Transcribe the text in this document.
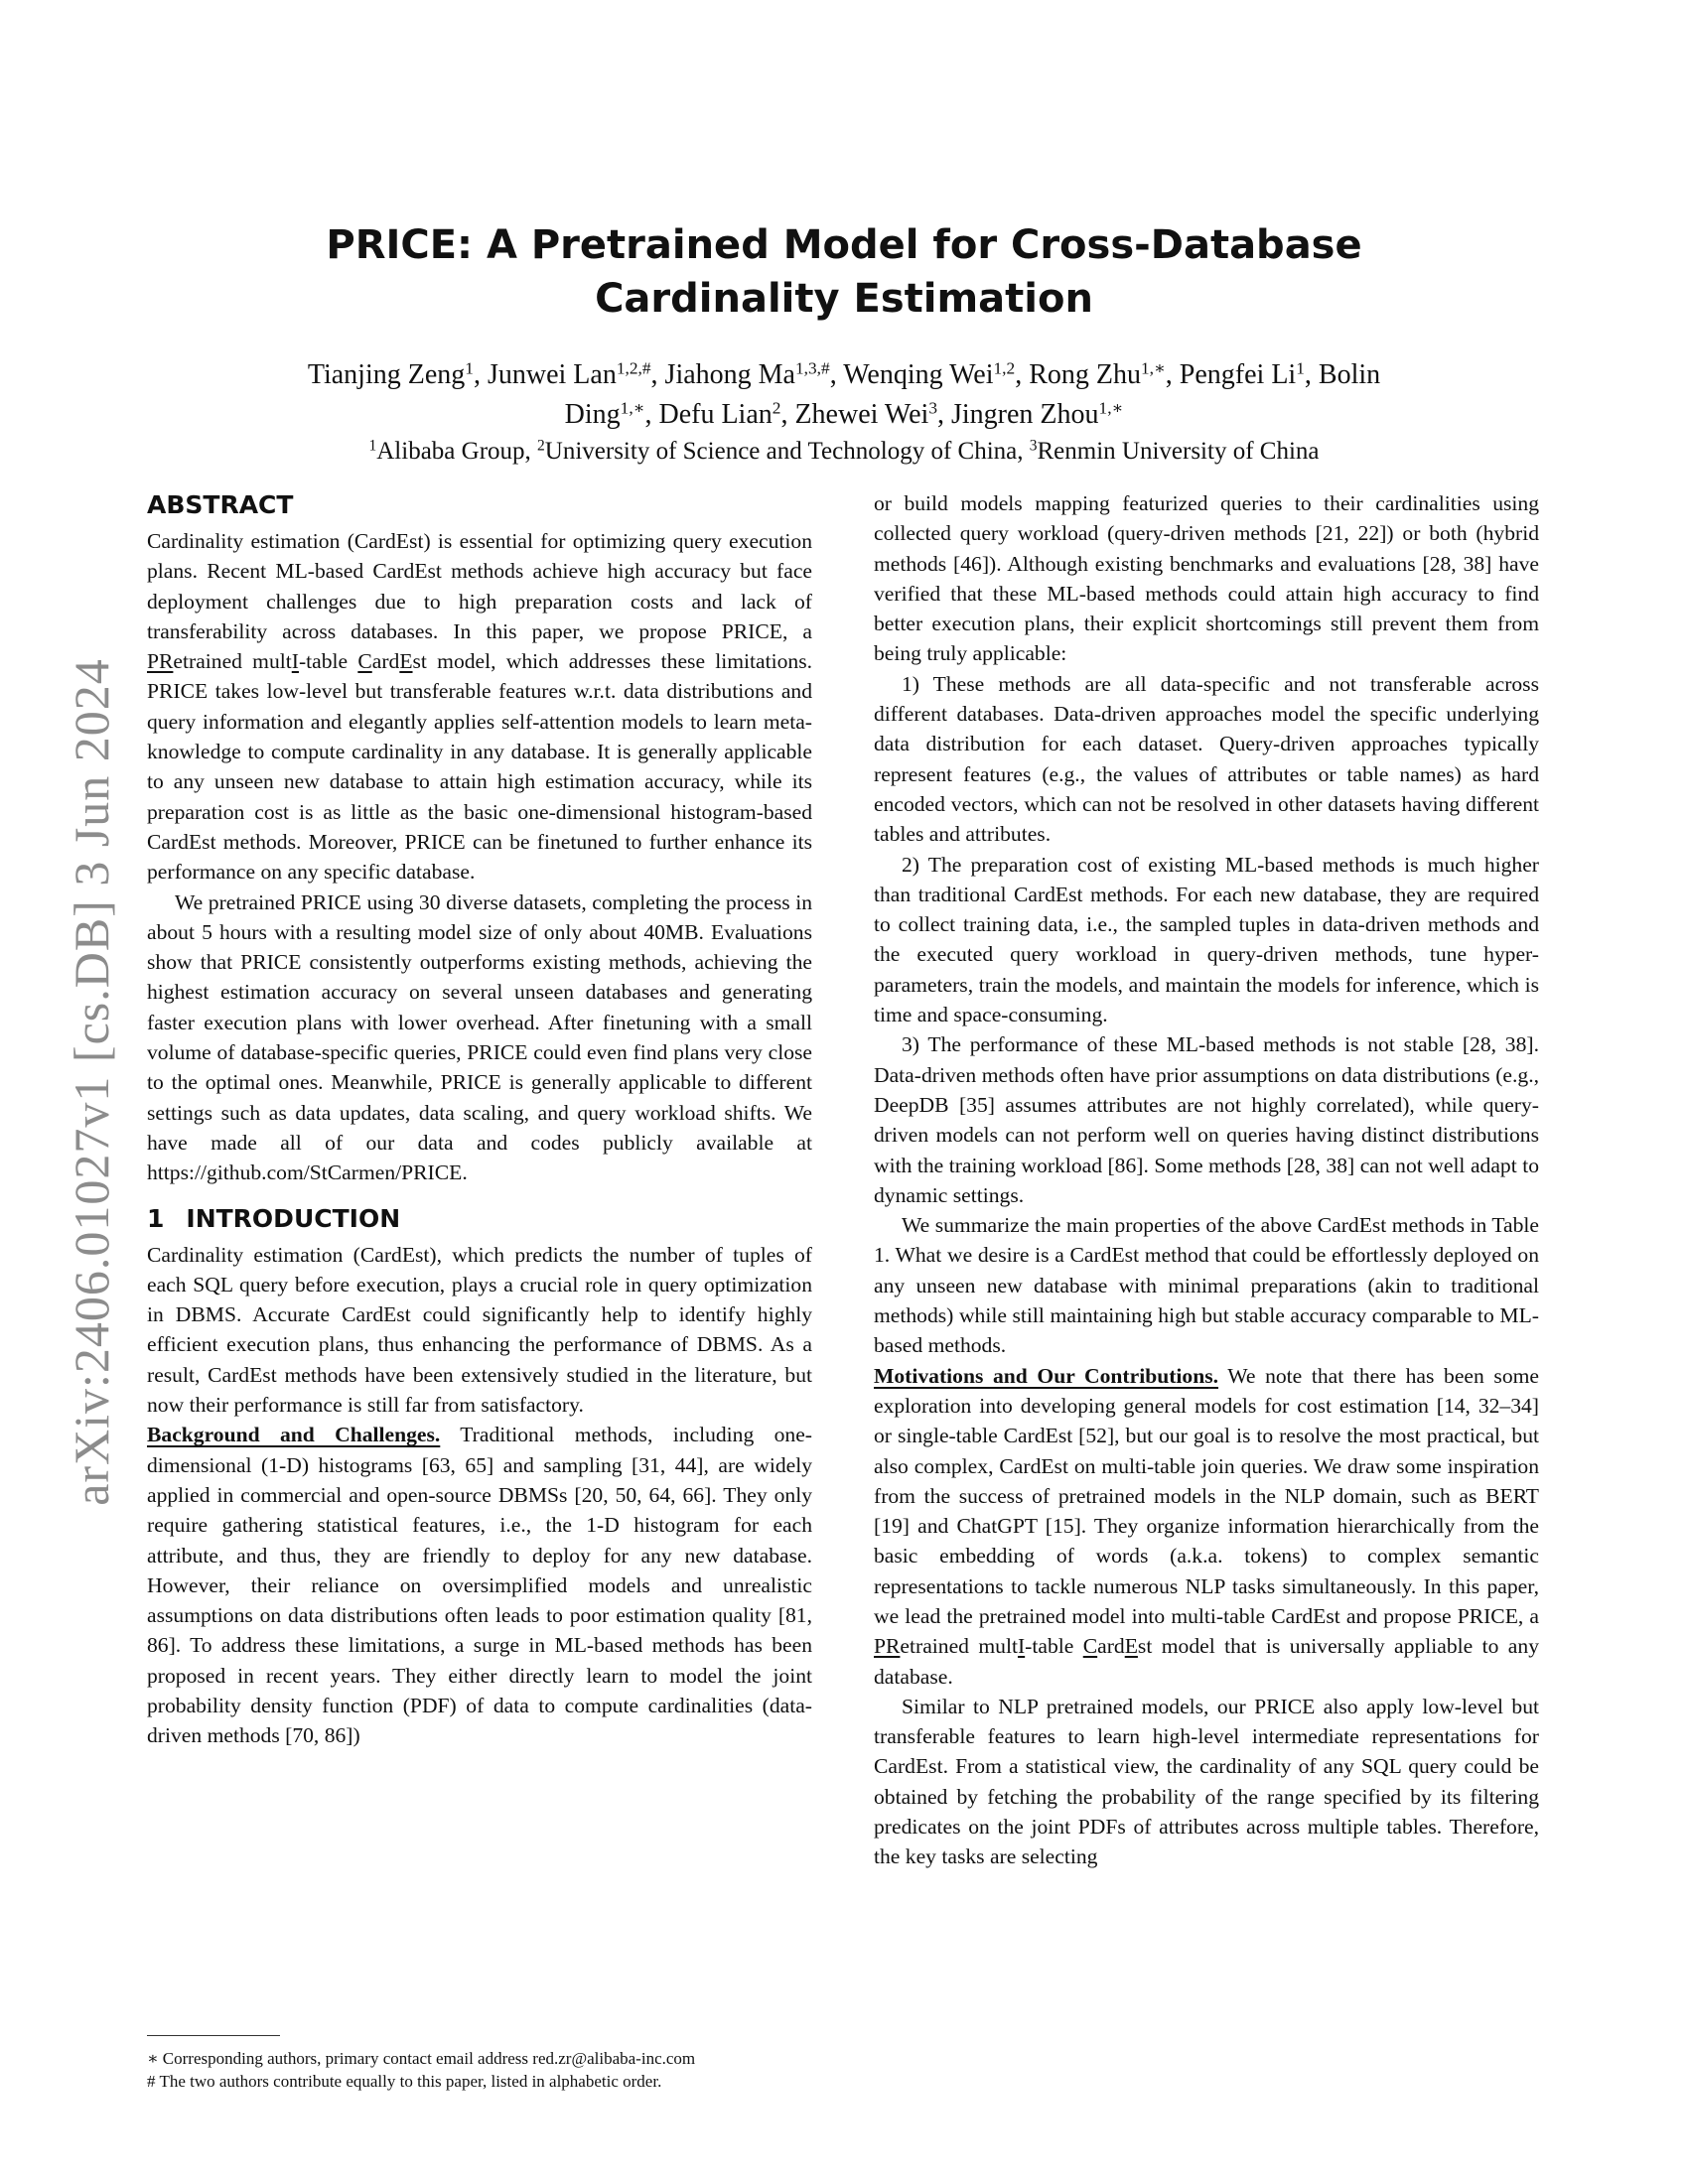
arXiv:2406.01027v1 [cs.DB] 3 Jun 2024
PRICE: A Pretrained Model for Cross-Database
Cardinality Estimation
Tianjing Zeng$^1$, Junwei Lan$^{1,2,\#}$, Jiahong $Ma^{1,3,\#}$, Wenqing Wei$^{1,2}$, Rong Zhu$^{1,∗}$, Pengfei Li$^1$, Bolin
Ding$^{1,∗}$, Defu Lian$^2$, Zhewei Wei$^3$, Jingren Zhou$^{1,∗}$
$^1$Alibaba Group, $^2$University of Science and Technology of China, $^3$Renmin University of China
ABSTRACT

Cardinality estimation (CardEst) is essential for optimizing query execution plans. Recent ML-based CardEst methods achieve high accuracy but face deployment challenges due to high preparation costs and lack of transferability across databases. In this paper, we propose PRICE, a PRetrained multI-table CardEst model, which addresses these limitations. PRICE takes low-level but transferable features w.r.t. data distributions and query information and elegantly applies self-attention models to learn meta-knowledge to compute cardinality in any database. It is generally applicable to any unseen new database to attain high estimation accuracy, while its preparation cost is as little as the basic one-dimensional histogram-based CardEst methods. Moreover, PRICE can be finetuned to further enhance its performance on any specific database.

We pretrained PRICE using 30 diverse datasets, completing the process in about 5 hours with a resulting model size of only about 40MB. Evaluations show that PRICE consistently outperforms existing methods, achieving the highest estimation accuracy on several unseen databases and generating faster execution plans with lower overhead. After finetuning with a small volume of database-specific queries, PRICE could even find plans very close to the optimal ones. Meanwhile, PRICE is generally applicable to different settings such as data updates, data scaling, and query workload shifts. We have made all of our data and codes publicly available at https://github.com/StCarmen/PRICE.

1 INTRODUCTION

Cardinality estimation (CardEst), which predicts the number of tuples of each SQL query before execution, plays a crucial role in query optimization in DBMS. Accurate CardEst could significantly help to identify highly efficient execution plans, thus enhancing the performance of DBMS. As a result, CardEst methods have been extensively studied in the literature, but now their performance is still far from satisfactory.

Background and Challenges. Traditional methods, including one-dimensional (1-D) histograms [63, 65] and sampling [31, 44], are widely applied in commercial and open-source DBMSs [20, 50, 64, 66]. They only require gathering statistical features, i.e., the 1-D histogram for each attribute, and thus, they are friendly to deploy for any new database. However, their reliance on oversimplified models and unrealistic assumptions on data distributions often leads to poor estimation quality [81, 86]. To address these limitations, a surge in ML-based methods has been proposed in recent years. They either directly learn to model the joint probability density function (PDF) of data to compute cardinalities (data-driven methods [70, 86])

or build models mapping featurized queries to their cardinalities using collected query workload (query-driven methods [21, 22]) or both (hybrid methods [46]). Although existing benchmarks and evaluations [28, 38] have verified that these ML-based methods could attain high accuracy to find better execution plans, their explicit shortcomings still prevent them from being truly applicable:

1) These methods are all data-specific and not transferable across different databases. Data-driven approaches model the specific underlying data distribution for each dataset. Query-driven approaches typically represent features (e.g., the values of attributes or table names) as hard encoded vectors, which can not be resolved in other datasets having different tables and attributes.

2) The preparation cost of existing ML-based methods is much higher than traditional CardEst methods. For each new database, they are required to collect training data, i.e., the sampled tuples in data-driven methods and the executed query workload in query-driven methods, tune hyper-parameters, train the models, and maintain the models for inference, which is time and space-consuming.

3) The performance of these ML-based methods is not stable [28, 38]. Data-driven methods often have prior assumptions on data distributions (e.g., DeepDB [35] assumes attributes are not highly correlated), while query-driven models can not perform well on queries having distinct distributions with the training workload [86]. Some methods [28, 38] can not well adapt to dynamic settings.

We summarize the main properties of the above CardEst methods in Table 1. What we desire is a CardEst method that could be effortlessly deployed on any unseen new database with minimal preparations (akin to traditional methods) while still maintaining high but stable accuracy comparable to ML-based methods.

Motivations and Our Contributions. We note that there has been some exploration into developing general models for cost estimation [14, 32–34] or single-table CardEst [52], but our goal is to resolve the most practical, but also complex, CardEst on multi-table join queries. We draw some inspiration from the success of pretrained models in the NLP domain, such as BERT [19] and ChatGPT [15]. They organize information hierarchically from the basic embedding of words (a.k.a. tokens) to complex semantic representations to tackle numerous NLP tasks simultaneously. In this paper, we lead the pretrained model into multi-table CardEst and propose PRICE, a PRetrained multI-table CardEst model that is universally appliable to any database.

Similar to NLP pretrained models, our PRICE also apply low-level but transferable features to learn high-level intermediate representations for CardEst. From a statistical view, the cardinality of any SQL query could be obtained by fetching the probability of the range specified by its filtering predicates on the joint PDFs of attributes across multiple tables. Therefore, the key tasks are selecting

∗ Corresponding authors, primary contact email address red.zr@alibaba-inc.com

# The two authors contribute equally to this paper, listed in alphabetic order.
